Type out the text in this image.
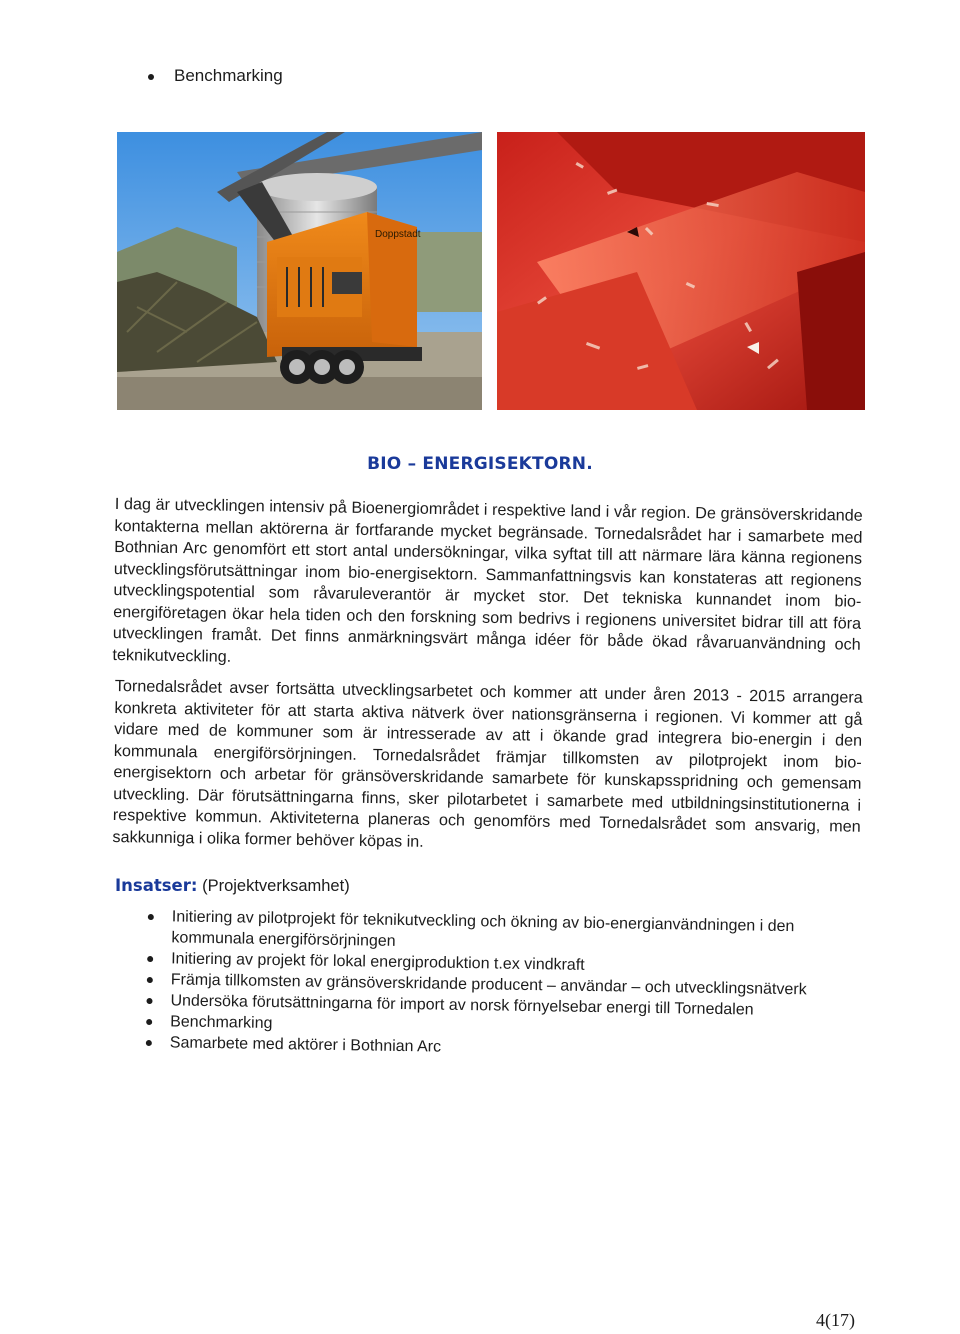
Benchmarking
Doppstadt
BIO – ENERGISEKTORN.
I dag är utvecklingen intensiv på Bioenergiområdet i respektive land i vår region. De gränsöverskridande kontakterna mellan aktörerna är fortfarande mycket begränsade. Tornedalsrådet har i samarbete med Bothnian Arc genomfört ett stort antal undersökningar, vilka syftat till att närmare lära känna regionens utvecklingsförutsättningar inom bio-energisektorn. Sammanfattningsvis kan konstateras att regionens utvecklingspotential som råvaruleverantör är mycket stor. Det tekniska kunnandet inom bio-energiföretagen ökar hela tiden och den forskning som bedrivs i regionens universitet bidrar till att föra utvecklingen framåt. Det finns anmärkningsvärt många idéer för både ökad råvaruanvändning och teknikutveckling.
Tornedalsrådet avser fortsätta utvecklingsarbetet och kommer att under åren 2013 - 2015 arrangera konkreta aktiviteter för att starta aktiva nätverk över nationsgränserna i regionen. Vi kommer att gå vidare med de kommuner som är intresserade av att i ökande grad integrera bio-energin i den kommunala energiförsörjningen. Tornedalsrådet främjar tillkomsten av pilotprojekt inom bio-energisektorn och arbetar för gränsöverskridande samarbete för kunskapsspridning och gemensam utveckling. Där förutsättningarna finns, sker pilotarbetet i samarbete med utbildningsinstitutionerna i respektive kommun. Aktiviteterna planeras och genomförs med Tornedalsrådet som ansvarig, men sakkunniga i olika former behöver köpas in.
Insatser: (Projektverksamhet)
Initiering av pilotprojekt för teknikutveckling och ökning av bio-energianvändningen i den kommunala energiförsörjningen
Initiering av projekt för lokal energiproduktion t.ex vindkraft
Främja tillkomsten av gränsöverskridande producent – användar – och utvecklingsnätverk
Undersöka förutsättningarna för import av norsk förnyelsebar energi till Tornedalen
Benchmarking
Samarbete med aktörer i Bothnian Arc
4(17)
